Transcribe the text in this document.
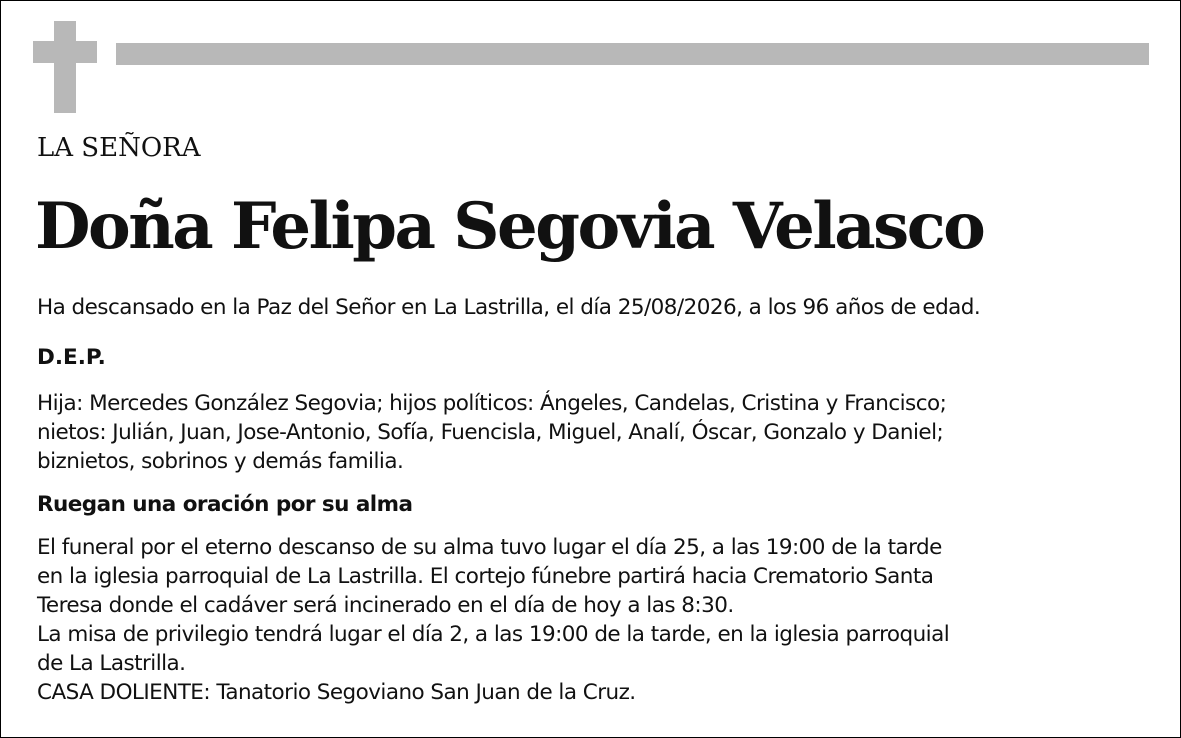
LA SEÑORA
Doña Felipa Segovia Velasco

Ha descansado en la Paz del Señor en La Lastrilla, el día 25/08/2026, a los 96 años de edad.

D.E.P.

Hija: Mercedes González Segovia; hijos políticos: Ángeles, Candelas, Cristina y Francisco;
nietos: Julián, Juan, Jose-Antonio, Sofía, Fuencisla, Miguel, Analí, Óscar, Gonzalo y Daniel;
biznietos, sobrinos y demás familia.

Ruegan una oración por su alma

El funeral por el eterno descanso de su alma tuvo lugar el día 25, a las 19:00 de la tarde
en la iglesia parroquial de La Lastrilla. El cortejo fúnebre partirá hacia Crematorio Santa
Teresa donde el cadáver será incinerado en el día de hoy a las 8:30.
La misa de privilegio tendrá lugar el día 2, a las 19:00 de la tarde, en la iglesia parroquial
de La Lastrilla.
CASA DOLIENTE: Tanatorio Segoviano San Juan de la Cruz.
